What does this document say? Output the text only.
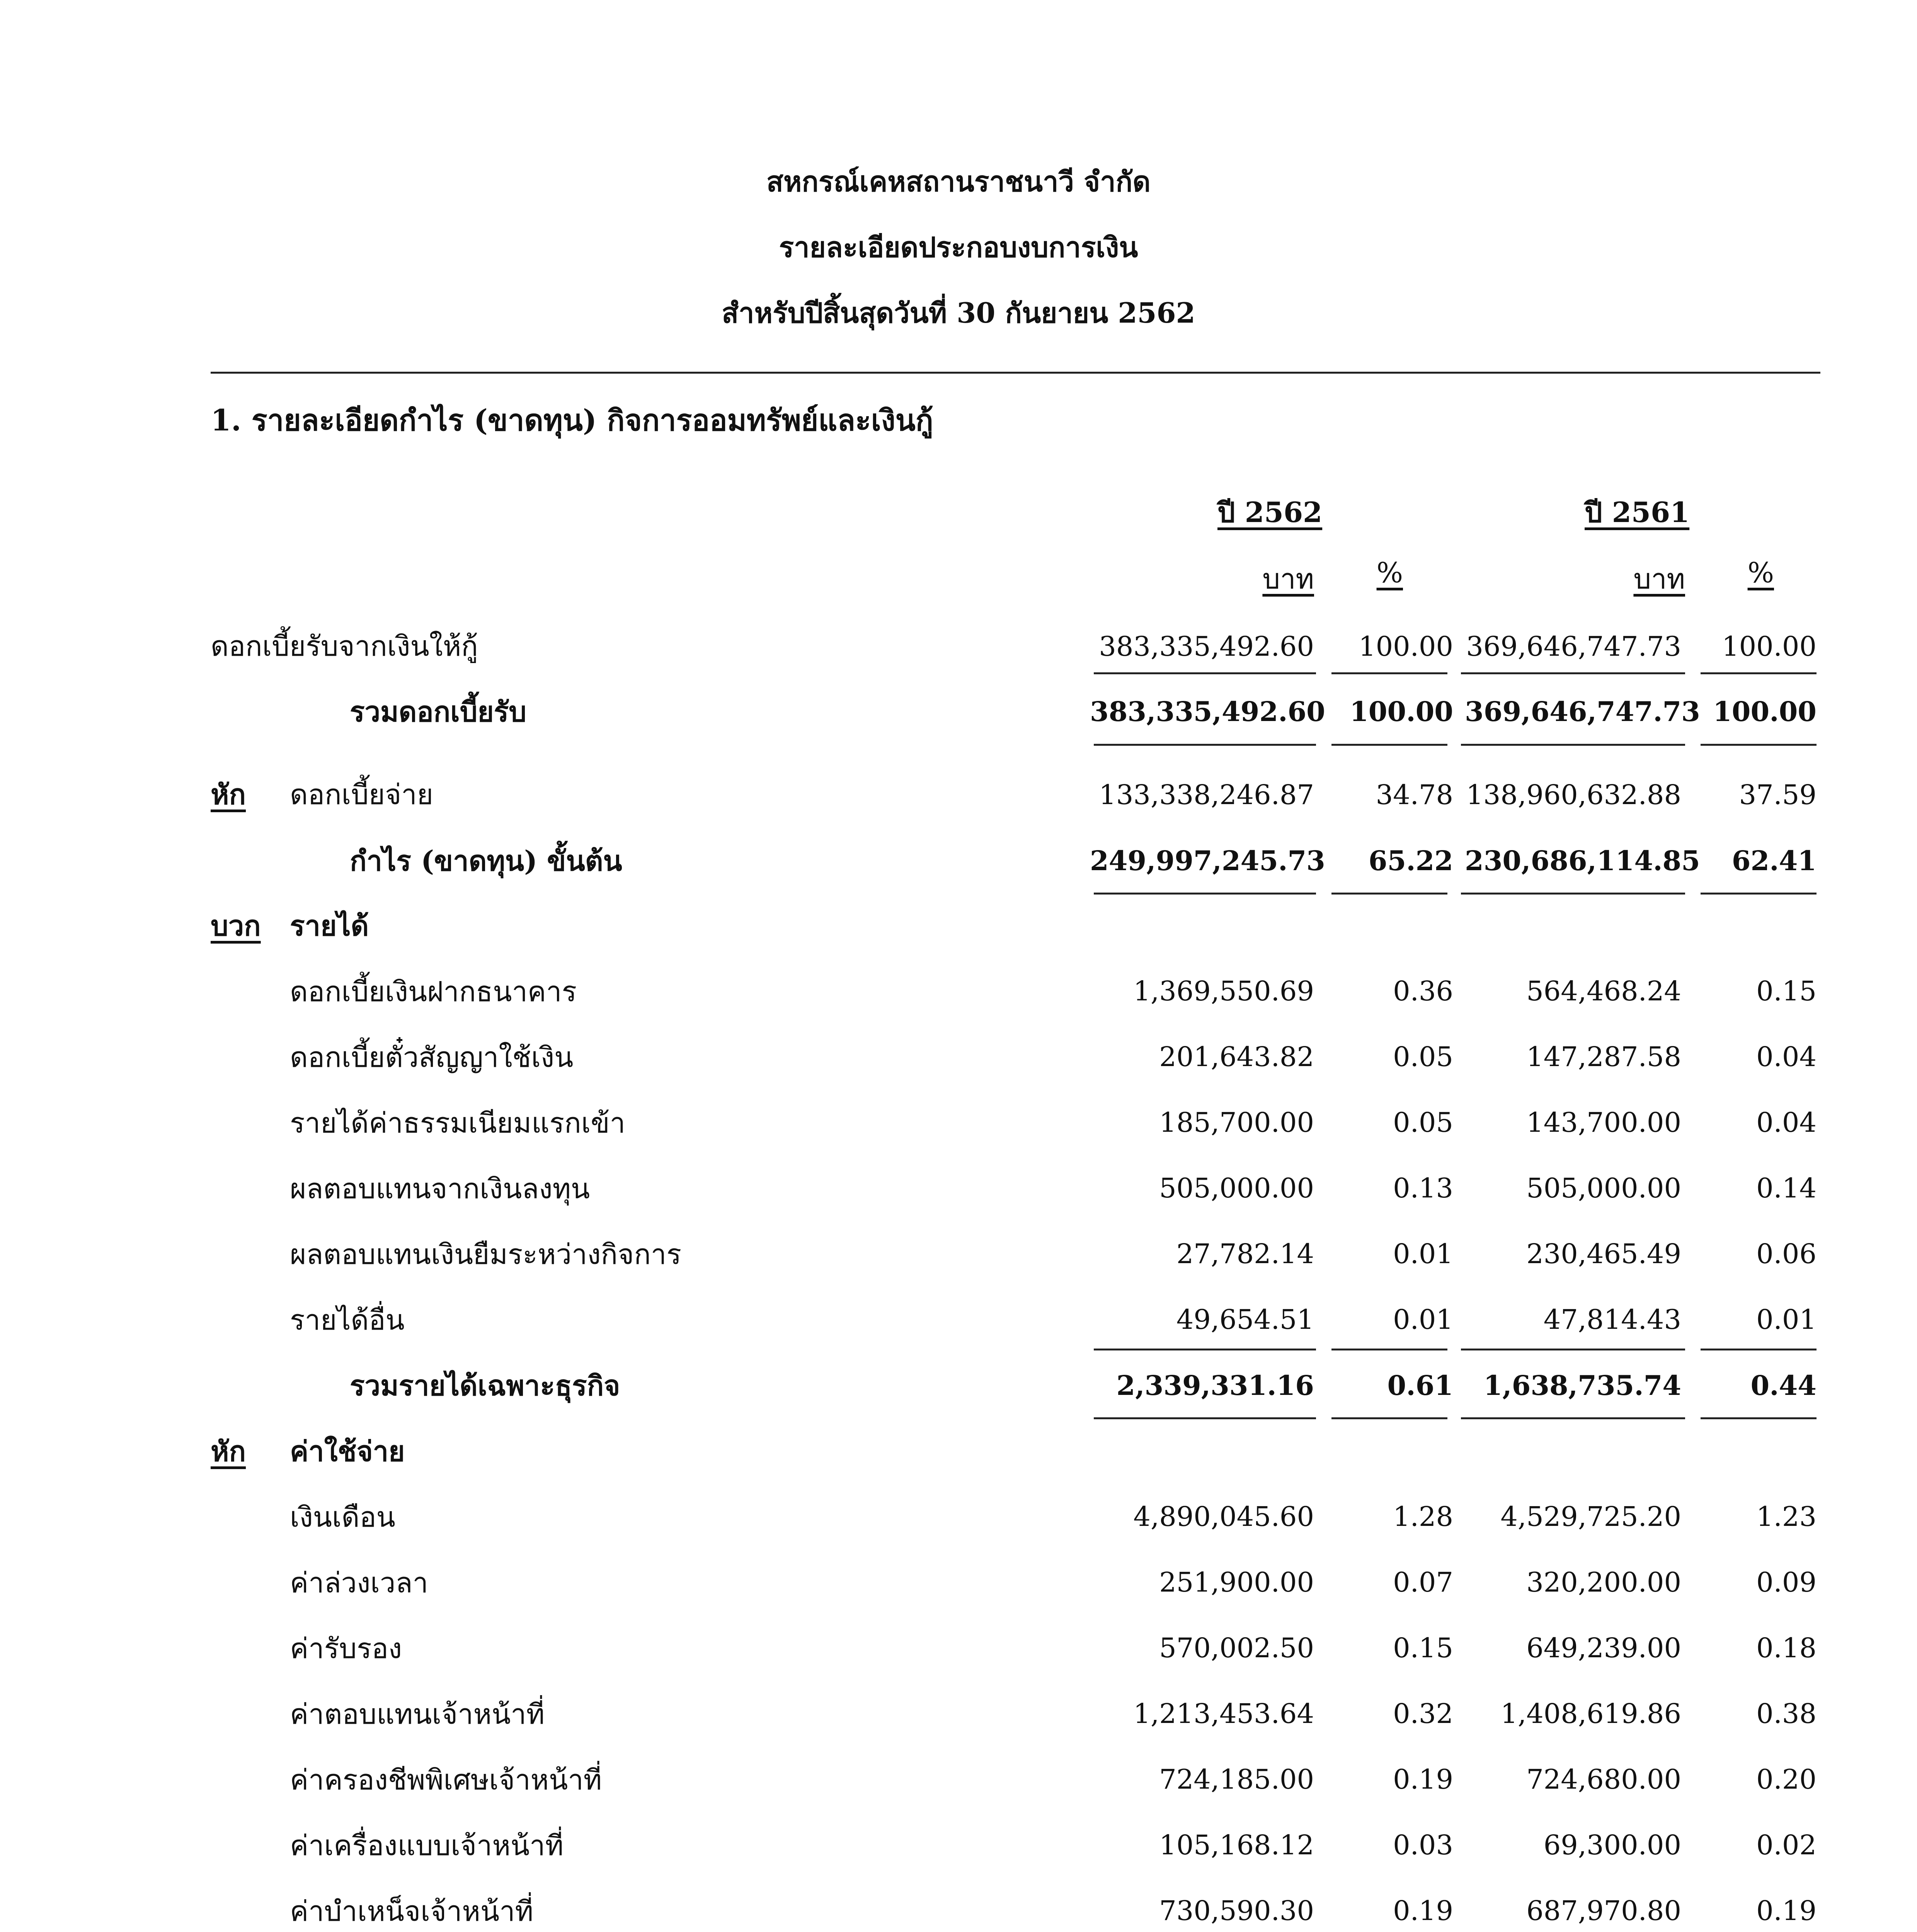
สหกรณ์เคหสถานราชนาวี จำกัด
รายละเอียดประกอบงบการเงิน
สำหรับปีสิ้นสุดวันที่ 30 กันยายน 2562
1. รายละเอียดกำไร (ขาดทุน) กิจการออมทรัพย์และเงินกู้
ปี 2562	ปี 2561
บาท	%	บาท	%
ดอกเบี้ยรับจากเงินให้กู้	383,335,492.60	100.00 369,646,747.73	100.00
รวมดอกเบี้ยรับ	383,335,492.60 100.00 369,646,747.73 100.00
หัก ดอกเบี้ยจ่าย	133,338,246.87	34.78 138,960,632.88	37.59
กำไร (ขาดทุน) ขั้นต้น	249,997,245.73	65.22 230,686,114.85	62.41
บวก รายได้
ดอกเบี้ยเงินฝากธนาคาร	1,369,550.69	0.36	564,468.24	0.15
ดอกเบี้ยตั๋วสัญญาใช้เงิน	201,643.82	0.05	147,287.58	0.04
รายได้ค่าธรรมเนียมแรกเข้า	185,700.00	0.05	143,700.00	0.04
ผลตอบแทนจากเงินลงทุน	505,000.00	0.13	505,000.00	0.14
ผลตอบแทนเงินยืมระหว่างกิจการ	27,782.14	0.01	230,465.49	0.06
รายได้อื่น	49,654.51	0.01	47,814.43	0.01
รวมรายได้เฉพาะธุรกิจ	2,339,331.16	0.61	1,638,735.74	0.44
หัก ค่าใช้จ่าย
เงินเดือน	4,890,045.60	1.28	4,529,725.20	1.23
ค่าล่วงเวลา	251,900.00	0.07	320,200.00	0.09
ค่ารับรอง	570,002.50	0.15	649,239.00	0.18
ค่าตอบแทนเจ้าหน้าที่	1,213,453.64	0.32	1,408,619.86	0.38
ค่าครองชีพพิเศษเจ้าหน้าที่	724,185.00	0.19	724,680.00	0.20
ค่าเครื่องแบบเจ้าหน้าที่	105,168.12	0.03	69,300.00	0.02
ค่าบำเหน็จเจ้าหน้าที่	730,590.30	0.19	687,970.80	0.19
